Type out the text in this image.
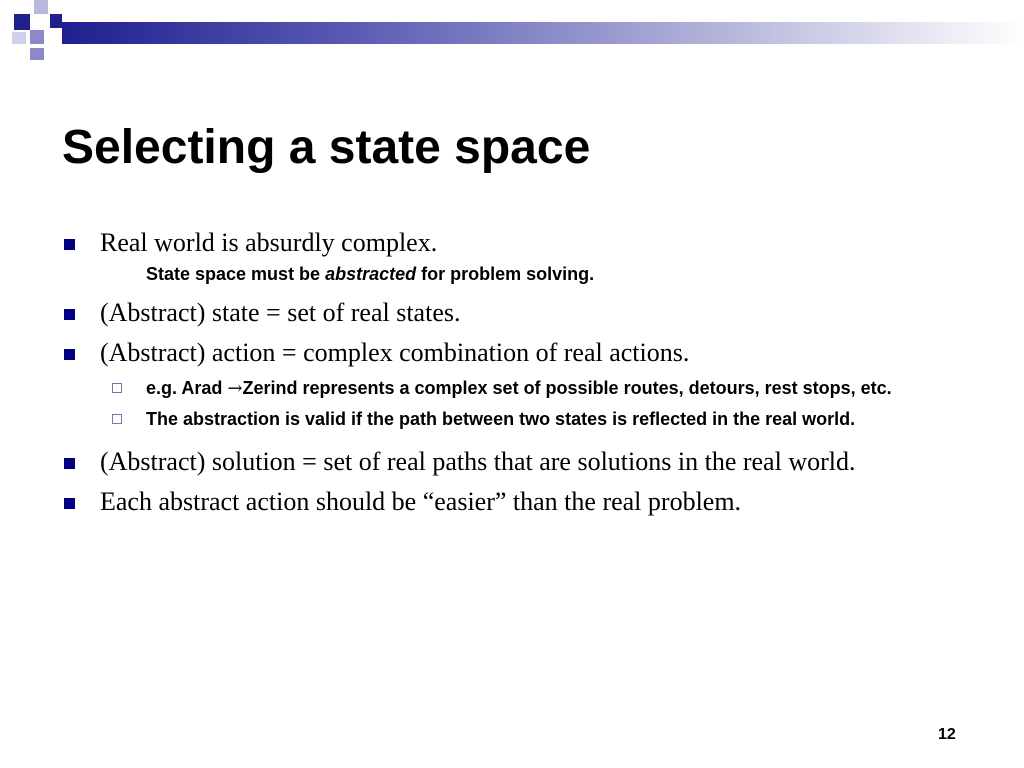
Selecting a state space
Real world is absurdly complex.
State space must be abstracted for problem solving.
(Abstract) state = set of real states.
(Abstract) action = complex combination of real actions.
e.g. Arad →Zerind represents a complex set of possible routes, detours, rest stops, etc.
The abstraction is valid if the path between two states is reflected in the real world.
(Abstract) solution = set of real paths that are solutions in the real world.
Each abstract action should be “easier” than the real problem.
12
